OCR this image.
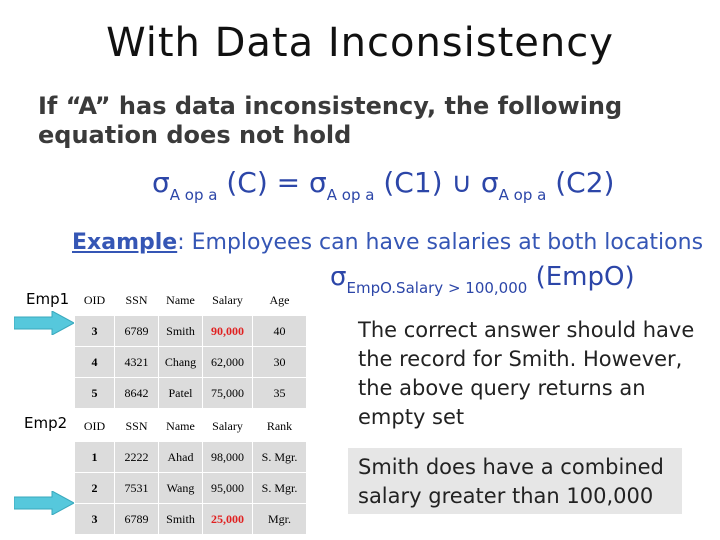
With Data Inconsistency
If “A” has data inconsistency, the following equation does not hold
$\sigma_{A op a}$ $(C) = \sigma_{A op a}$ (C1) ∪ $\sigma_{A op a}$ (C2)
Example: Employees can have salaries at both locations
$\sigma_{EmpO.Salary > 100,000}$ (EmpO)
Emp1 OID	SSN	Name	Salary	Age
3	6789	Smith	90,000	40
4	4321	Chang	62,000	30
5	8642	Patel	75,000	35
Emp2 OID	SSN	Name	Salary	Rank
1	2222	Ahad	98,000	S. Mgr.
2	7531	Wang	95,000	S. Mgr.
3	6789	Smith	25,000	Mgr.
The correct answer should have the record for Smith. However, the above query returns an empty set
Smith does have a combined salary greater than 100,000
